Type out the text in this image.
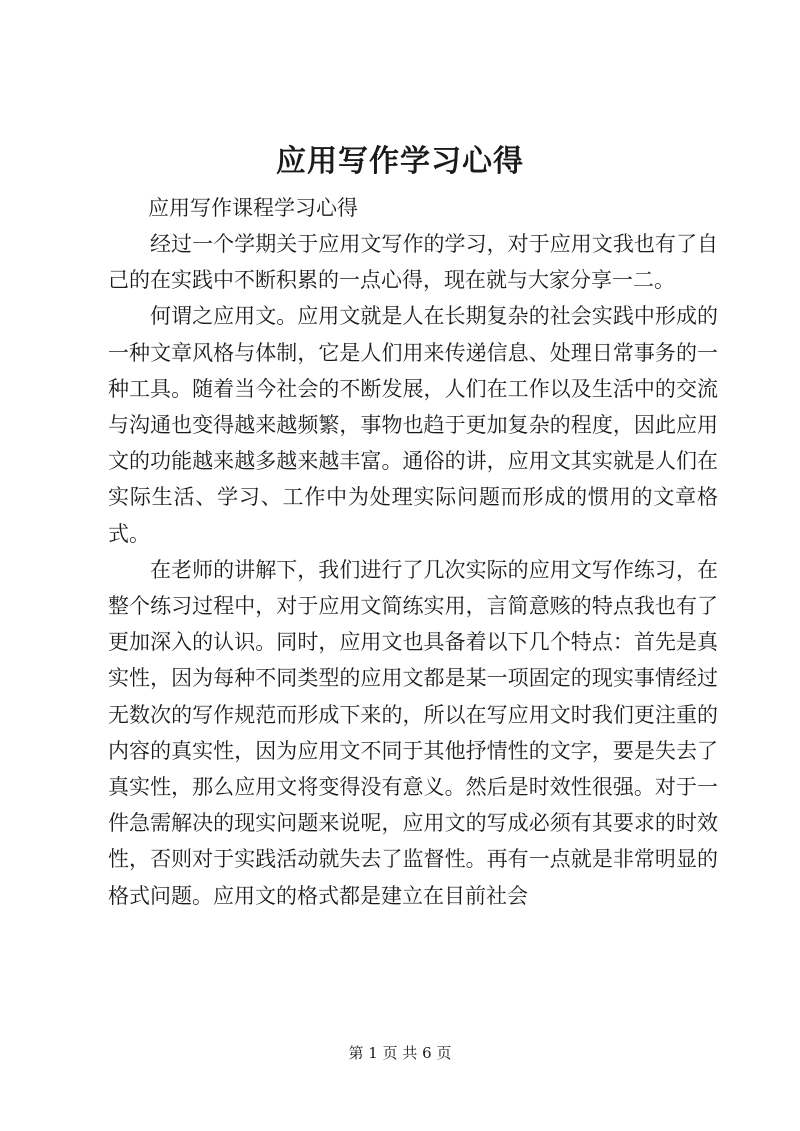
应用写作学习心得
应用写作课程学习心得

经过一个学期关于应用文写作的学习，对于应用文我也有了自己的在实践中不断积累的一点心得，现在就与大家分享一二。

何谓之应用文。应用文就是人在长期复杂的社会实践中形成的一种文章风格与体制，它是人们用来传递信息、处理日常事务的一种工具。随着当今社会的不断发展，人们在工作以及生活中的交流与沟通也变得越来越频繁，事物也趋于更加复杂的程度，因此应用文的功能越来越多越来越丰富。通俗的讲，应用文其实就是人们在实际生活、学习、工作中为处理实际问题而形成的惯用的文章格式。

在老师的讲解下，我们进行了几次实际的应用文写作练习，在整个练习过程中，对于应用文简练实用，言简意赅的特点我也有了更加深入的认识。同时，应用文也具备着以下几个特点：首先是真实性，因为每种不同类型的应用文都是某一项固定的现实事情经过无数次的写作规范而形成下来的，所以在写应用文时我们更注重的内容的真实性，因为应用文不同于其他抒情性的文字，要是失去了真实性，那么应用文将变得没有意义。然后是时效性很强。对于一件急需解决的现实问题来说呢，应用文的写成必须有其要求的时效性，否则对于实践活动就失去了监督性。再有一点就是非常明显的格式问题。应用文的格式都是建立在目前社会

第 1 页 共 6 页
